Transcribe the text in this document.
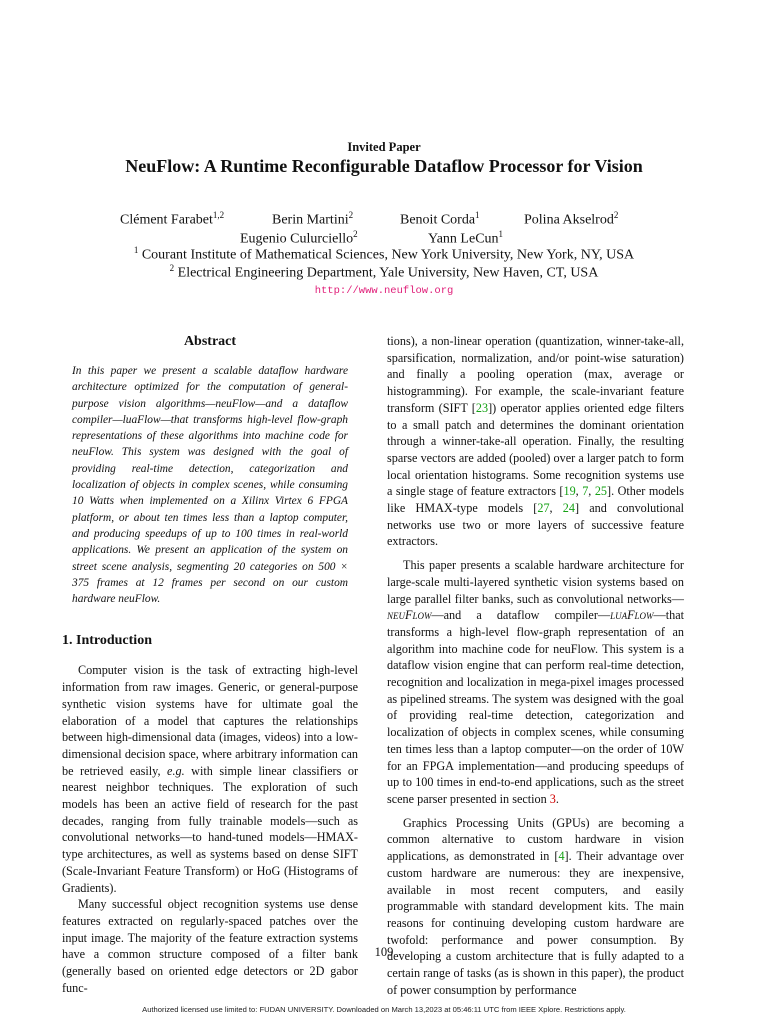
Invited Paper
NeuFlow: A Runtime Reconfigurable Dataflow Processor for Vision
Clément Farabet$^{1,2}$	Berin Martini$^2$	Benoit Corda$^1$	Polina Akselrod$^2$
Eugenio Culurciello$^2$	Yann LeCun$^1$
$^1$ Courant Institute of Mathematical Sciences, New York University, New York, NY, USA
$^2$ Electrical Engineering Department, Yale University, New Haven, CT, USA
http://www.neuflow.org

Abstract

In this paper we present a scalable dataflow hardware architecture optimized for the computation of general-purpose vision algorithms—neuFlow—and a dataflow compiler—luaFlow—that transforms high-level flow-graph representations of these algorithms into machine code for neuFlow. This system was designed with the goal of providing real-time detection, categorization and localization of objects in complex scenes, while consuming 10 Watts when implemented on a Xilinx Virtex 6 FPGA platform, or about ten times less than a laptop computer, and producing speedups of up to 100 times in real-world applications. We present an application of the system on street scene analysis, segmenting 20 categories on 500 × 375 frames at 12 frames per second on our custom hardware neuFlow.

1. Introduction

Computer vision is the task of extracting high-level information from raw images. Generic, or general-purpose synthetic vision systems have for ultimate goal the elaboration of a model that captures the relationships between high-dimensional data (images, videos) into a low-dimensional decision space, where arbitrary information can be retrieved easily, e.g. with simple linear classifiers or nearest neighbor techniques. The exploration of such models has been an active field of research for the past decades, ranging from fully trainable models—such as convolutional networks—to hand-tuned models—HMAX-type architectures, as well as systems based on dense SIFT (Scale-Invariant Feature Transform) or HoG (Histograms of Gradients).

Many successful object recognition systems use dense features extracted on regularly-spaced patches over the input image. The majority of the feature extraction systems have a common structure composed of a filter bank (generally based on oriented edge detectors or 2D gabor func-

tions), a non-linear operation (quantization, winner-take-all, sparsification, normalization, and/or point-wise saturation) and finally a pooling operation (max, average or histogramming). For example, the scale-invariant feature transform (SIFT [23]) operator applies oriented edge filters to a small patch and determines the dominant orientation through a winner-take-all operation. Finally, the resulting sparse vectors are added (pooled) over a larger patch to form local orientation histograms. Some recognition systems use a single stage of feature extractors [19, 7, 25]. Other models like HMAX-type models [27, 24] and convolutional networks use two or more layers of successive feature extractors.

This paper presents a scalable hardware architecture for large-scale multi-layered synthetic vision systems based on large parallel filter banks, such as convolutional networks—neuFlow—and a dataflow compiler—luaFlow—that transforms a high-level flow-graph representation of an algorithm into machine code for neuFlow. This system is a dataflow vision engine that can perform real-time detection, recognition and localization in mega-pixel images processed as pipelined streams. The system was designed with the goal of providing real-time detection, categorization and localization of objects in complex scenes, while consuming ten times less than a laptop computer—on the order of 10W for an FPGA implementation—and producing speedups of up to 100 times in end-to-end applications, such as the street scene parser presented in section 3.

Graphics Processing Units (GPUs) are becoming a common alternative to custom hardware in vision applications, as demonstrated in [4]. Their advantage over custom hardware are numerous: they are inexpensive, available in most recent computers, and easily programmable with standard development kits. The main reasons for continuing developing custom hardware are twofold: performance and power consumption. By developing a custom architecture that is fully adapted to a certain range of tasks (as is shown in this paper), the product of power consumption by performance

109
Authorized licensed use limited to: FUDAN UNIVERSITY. Downloaded on March 13,2023 at 05:46:11 UTC from IEEE Xplore. Restrictions apply.
